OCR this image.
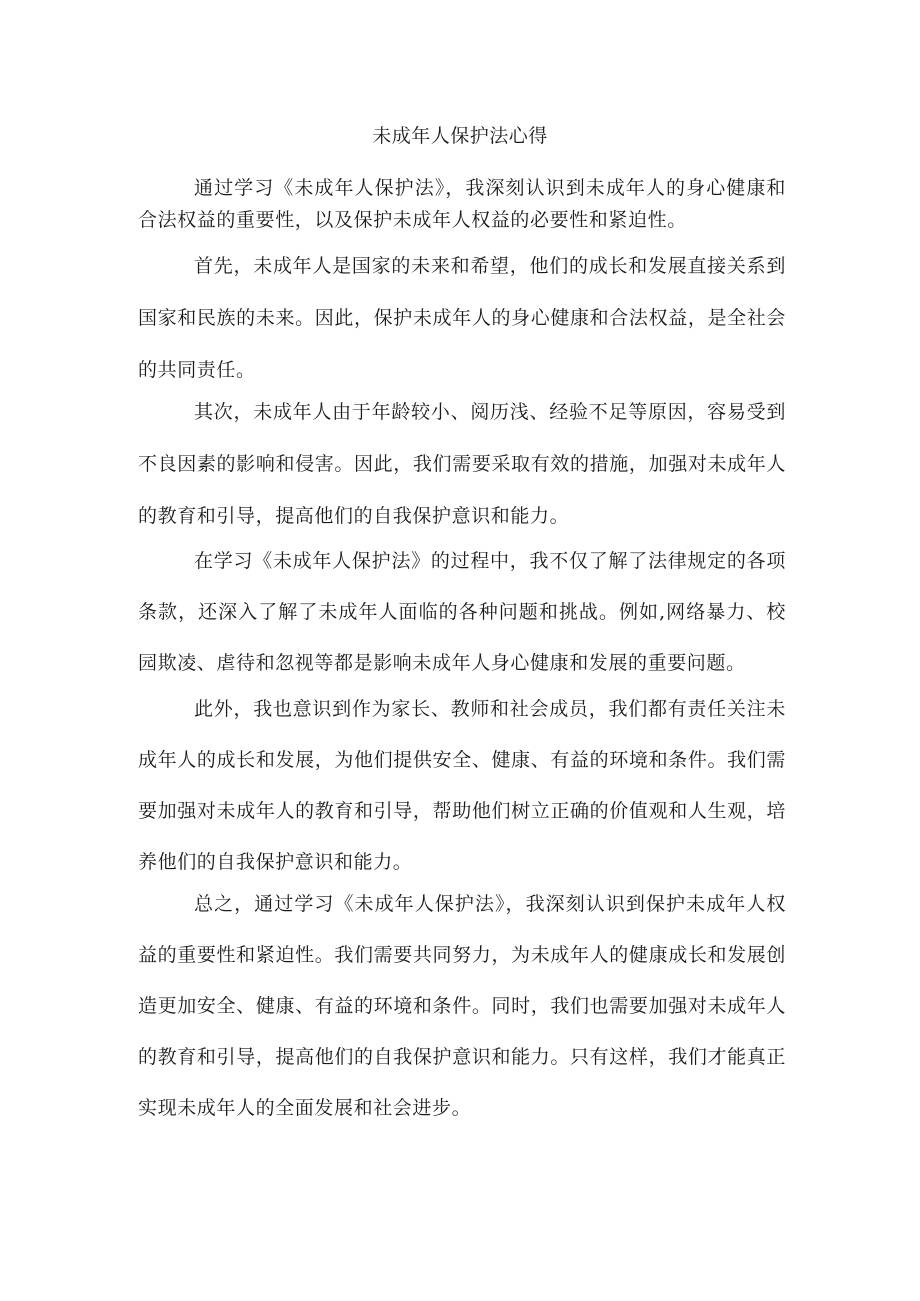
未成年人保护法心得

通过学习《未成年人保护法》，我深刻认识到未成年人的身心健康和合法权益的重要性，以及保护未成年人权益的必要性和紧迫性。

首先，未成年人是国家的未来和希望，他们的成长和发展直接关系到国家和民族的未来。因此，保护未成年人的身心健康和合法权益，是全社会的共同责任。

其次，未成年人由于年龄较小、阅历浅、经验不足等原因，容易受到不良因素的影响和侵害。因此，我们需要采取有效的措施，加强对未成年人的教育和引导，提高他们的自我保护意识和能力。

在学习《未成年人保护法》的过程中，我不仅了解了法律规定的各项条款，还深入了解了未成年人面临的各种问题和挑战。例如,网络暴力、校园欺凌、虐待和忽视等都是影响未成年人身心健康和发展的重要问题。

此外，我也意识到作为家长、教师和社会成员，我们都有责任关注未成年人的成长和发展，为他们提供安全、健康、有益的环境和条件。我们需要加强对未成年人的教育和引导，帮助他们树立正确的价值观和人生观，培养他们的自我保护意识和能力。

总之，通过学习《未成年人保护法》，我深刻认识到保护未成年人权益的重要性和紧迫性。我们需要共同努力，为未成年人的健康成长和发展创造更加安全、健康、有益的环境和条件。同时，我们也需要加强对未成年人的教育和引导，提高他们的自我保护意识和能力。只有这样，我们才能真正实现未成年人的全面发展和社会进步。
